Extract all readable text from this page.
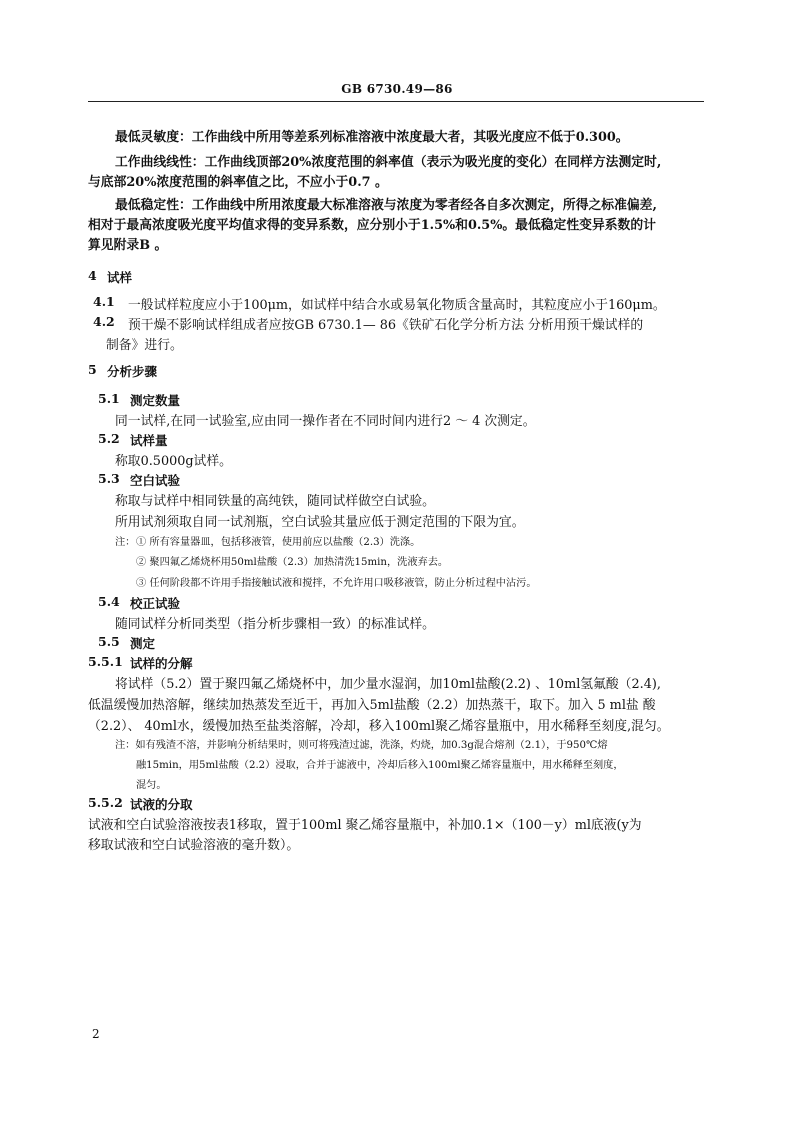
GB 6730.49—86
最低灵敏度：工作曲线中所用等差系列标准溶液中浓度最大者，其吸光度应不低于0.300。
工作曲线线性：工作曲线顶部20%浓度范围的斜率值（表示为吸光度的变化）在同样方法测定时,
与底部20%浓度范围的斜率值之比，不应小于0.7 。
最低稳定性：工作曲线中所用浓度最大标准溶液与浓度为零者经各自多次测定，所得之标准偏差,
相对于最高浓度吸光度平均值求得的变异系数，应分别小于1.5%和0.5%。最低稳定性变异系数的计
算见附录B 。
4 试样
4.1 一般试样粒度应小于100μm，如试样中结合水或易氧化物质含量高时，其粒度应小于160μm。
4.2 预干燥不影响试样组成者应按GB 6730.1— 86《铁矿石化学分析方法 分析用预干燥试样的
制备》进行。
5 分析步骤
5.1 测定数量
同一试样,在同一试验室,应由同一操作者在不同时间内进行2 ～ 4 次测定。
5.2 试样量
称取0.5000g试样。
5.3 空白试验
称取与试样中相同铁量的高纯铁，随同试样做空白试验。
所用试剂须取自同一试剂瓶，空白试验其量应低于测定范围的下限为宜。
注： ① 所有容量器皿，包括移液管，使用前应以盐酸（2.3）洗涤。
② 聚四氟乙烯烧杯用50ml盐酸（2.3）加热清洗15min，洗液弃去。
③ 任何阶段都不许用手指接触试液和搅拌，不允许用口吸移液管，防止分析过程中沾污。
5.4 校正试验
随同试样分析同类型（指分析步骤相一致）的标准试样。
5.5 测定
5.5.1 试样的分解
将试样（5.2）置于聚四氟乙烯烧杯中，加少量水湿润，加10ml盐酸(2.2) 、10ml氢氟酸（2.4),
低温缓慢加热溶解，继续加热蒸发至近干，再加入5ml盐酸（2.2）加热蒸干，取下。加入 5 ml盐 酸
（2.2）、 40ml水，缓慢加热至盐类溶解，冷却，移入100ml聚乙烯容量瓶中，用水稀释至刻度,混匀。
注：如有残渣不溶，并影响分析结果时，则可将残渣过滤，洗涤，灼烧，加0.3g混合熔剂（2.1），于950℃熔
融15min，用5ml盐酸（2.2）浸取，合并于滤液中，冷却后移入100ml聚乙烯容量瓶中，用水稀释至刻度，
混匀。
5.5.2 试液的分取
试液和空白试验溶液按表1移取，置于100ml 聚乙烯容量瓶中，补加0.1×（100－y）ml底液(y为
移取试液和空白试验溶液的毫升数）。
2
